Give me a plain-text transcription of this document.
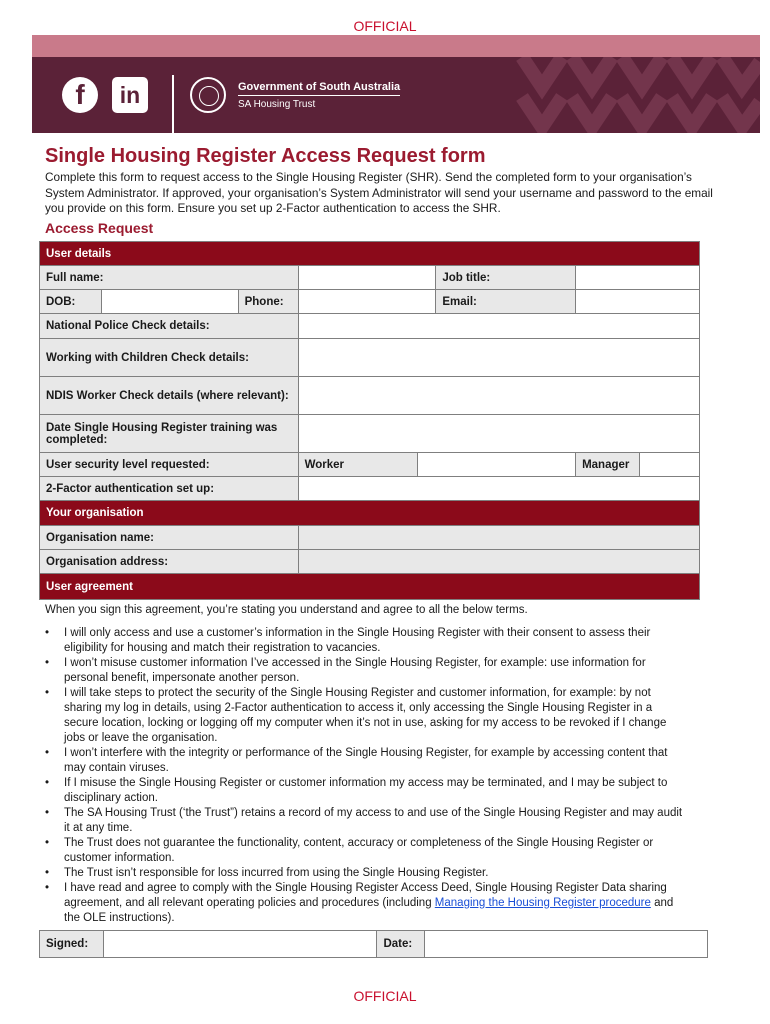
OFFICIAL
f	in	Government of South Australia
SA Housing Trust
Single Housing Register Access Request form

Complete this form to request access to the Single Housing Register (SHR). Send the completed form to your organisation’s System Administrator. If approved, your organisation’s System Administrator will send your username and password to the email you provide on this form. Ensure you set up 2-Factor authentication to access the SHR.

Access Request
User details							
Full name:					Job title:		
DOB:		Phone:			Email:		
National Police Check details:							
Working with Children Check details:							
NDIS Worker Check details (where relevant):							
Date Single Housing Register training was completed:							
User security level requested:			Worker			Manager	
2-Factor authentication set up:							
Your organisation							
Organisation name:							
Organisation address:							
User agreement							
When you sign this agreement, you’re stating you understand and agree to all the below terms.
• I will only access and use a customer’s information in the Single Housing Register with their consent to assess their eligibility for housing and match their registration to vacancies.
• I won’t misuse customer information I’ve accessed in the Single Housing Register, for example: use information for personal benefit, impersonate another person.
• I will take steps to protect the security of the Single Housing Register and customer information, for example: by not sharing my log in details, using 2-Factor authentication to access it, only accessing the Single Housing Register in a secure location, locking or logging off my computer when it’s not in use, asking for my access to be revoked if I change jobs or leave the organisation.
• I won’t interfere with the integrity or performance of the Single Housing Register, for example by accessing content that may contain viruses.
• If I misuse the Single Housing Register or customer information my access may be terminated, and I may be subject to disciplinary action.
• The SA Housing Trust (‘the Trust”) retains a record of my access to and use of the Single Housing Register and may audit it at any time.
• The Trust does not guarantee the functionality, content, accuracy or completeness of the Single Housing Register or customer information.
• The Trust isn’t responsible for loss incurred from using the Single Housing Register.
• I have read and agree to comply with the Single Housing Register Access Deed, Single Housing Register Data sharing agreement, and all relevant operating policies and procedures (including Managing the Housing Register procedure and the OLE instructions).
Signed:		Date:	
OFFICIAL
